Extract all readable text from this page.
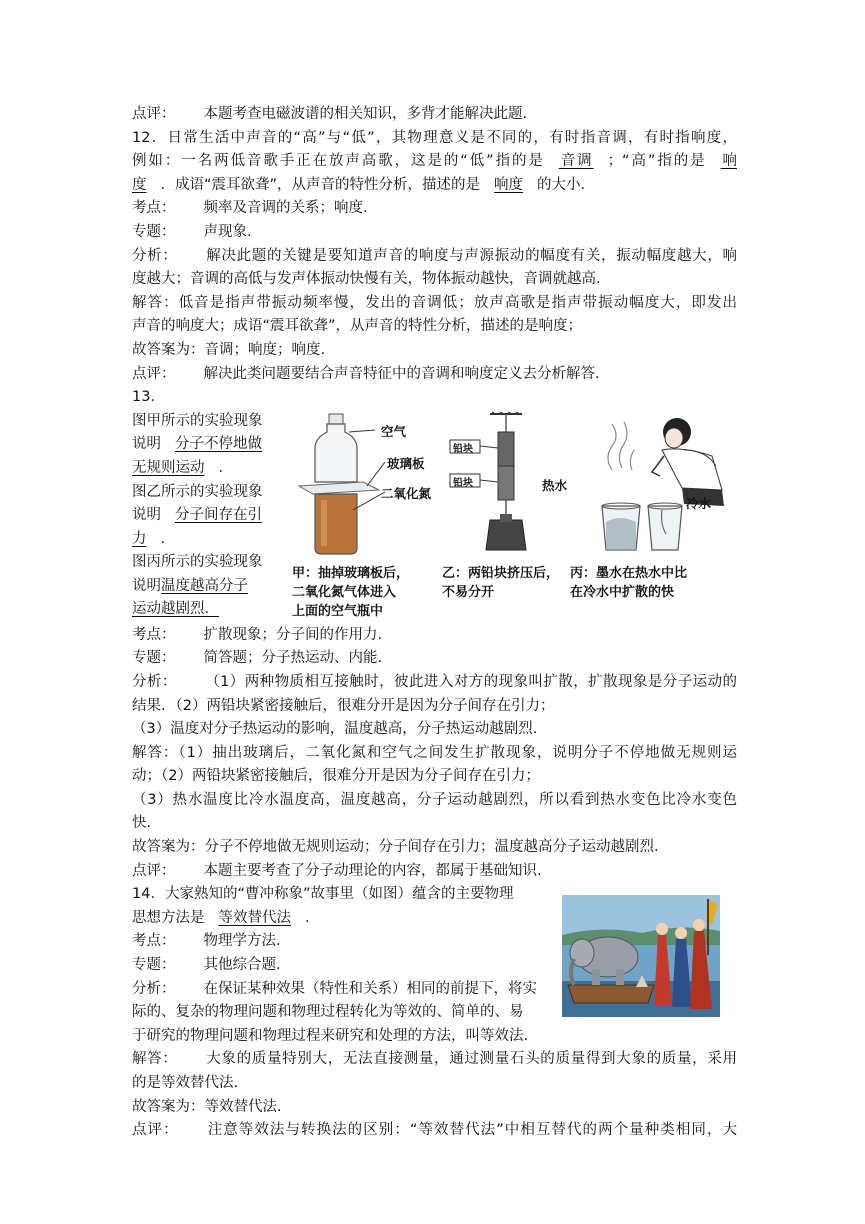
点评： 本题考查电磁波谱的相关知识，多背才能解决此题.
12．日常生活中声音的“高”与“低”，其物理意义是不同的，有时指音调，有时指响度，
例如：一名两低音歌手正在放声高歌，这是的“低”指的是 音调 ；“高”指的是 响
度 ．成语“震耳欲聋”，从声音的特性分析，描述的是 响度 的大小.
考点： 频率及音调的关系；响度.
专题： 声现象.
分析： 解决此题的关键是要知道声音的响度与声源振动的幅度有关，振动幅度越大，响
度越大；音调的高低与发声体振动快慢有关，物体振动越快，音调就越高.
解答：低音是指声带振动频率慢，发出的音调低；放声高歌是指声带振动幅度大，即发出
声音的响度大；成语“震耳欲聋”，从声音的特性分析，描述的是响度；
故答案为：音调；响度；响度.
点评： 解决此类问题要结合声音特征中的音调和响度定义去分析解答.
13．
图甲所示的实验现象
说明 分子不停地做
无规则运动 ．
图乙所示的实验现象
说明 分子间存在引
力 ．
图丙所示的实验现象
说明温度越高分子
运动越剧烈．
空气
玻璃板
二氧化氮
甲：抽掉玻璃板后，
二氧化氮气体进入
上面的空气瓶中
铅块
铅块
乙：两铅块挤压后，
不易分开
热水
冷水
丙：墨水在热水中比
在冷水中扩散的快
考点： 扩散现象；分子间的作用力.
专题： 简答题；分子热运动、内能.
分析： （1）两种物质相互接触时，彼此进入对方的现象叫扩散，扩散现象是分子运动的
结果．（2）两铅块紧密接触后，很难分开是因为分子间存在引力；
（3）温度对分子热运动的影响，温度越高，分子热运动越剧烈.
解答：（1）抽出玻璃后，二氧化氮和空气之间发生扩散现象，说明分子不停地做无规则运
动；（2）两铅块紧密接触后，很难分开是因为分子间存在引力；
（3）热水温度比冷水温度高，温度越高，分子运动越剧烈，所以看到热水变色比冷水变色
快.
故答案为：分子不停地做无规则运动；分子间存在引力；温度越高分子运动越剧烈.
点评： 本题主要考查了分子动理论的内容，都属于基础知识.
14．大家熟知的“曹冲称象”故事里（如图）蕴含的主要物理
思想方法是 等效替代法 ．
考点： 物理学方法.
专题： 其他综合题.
分析： 在保证某种效果（特性和关系）相同的前提下，将实
际的、复杂的物理问题和物理过程转化为等效的、简单的、易
于研究的物理问题和物理过程来研究和处理的方法，叫等效法.
解答： 大象的质量特别大，无法直接测量，通过测量石头的质量得到大象的质量，采用
的是等效替代法.
故答案为：等效替代法.
点评： 注意等效法与转换法的区别：“等效替代法”中相互替代的两个量种类相同，大
